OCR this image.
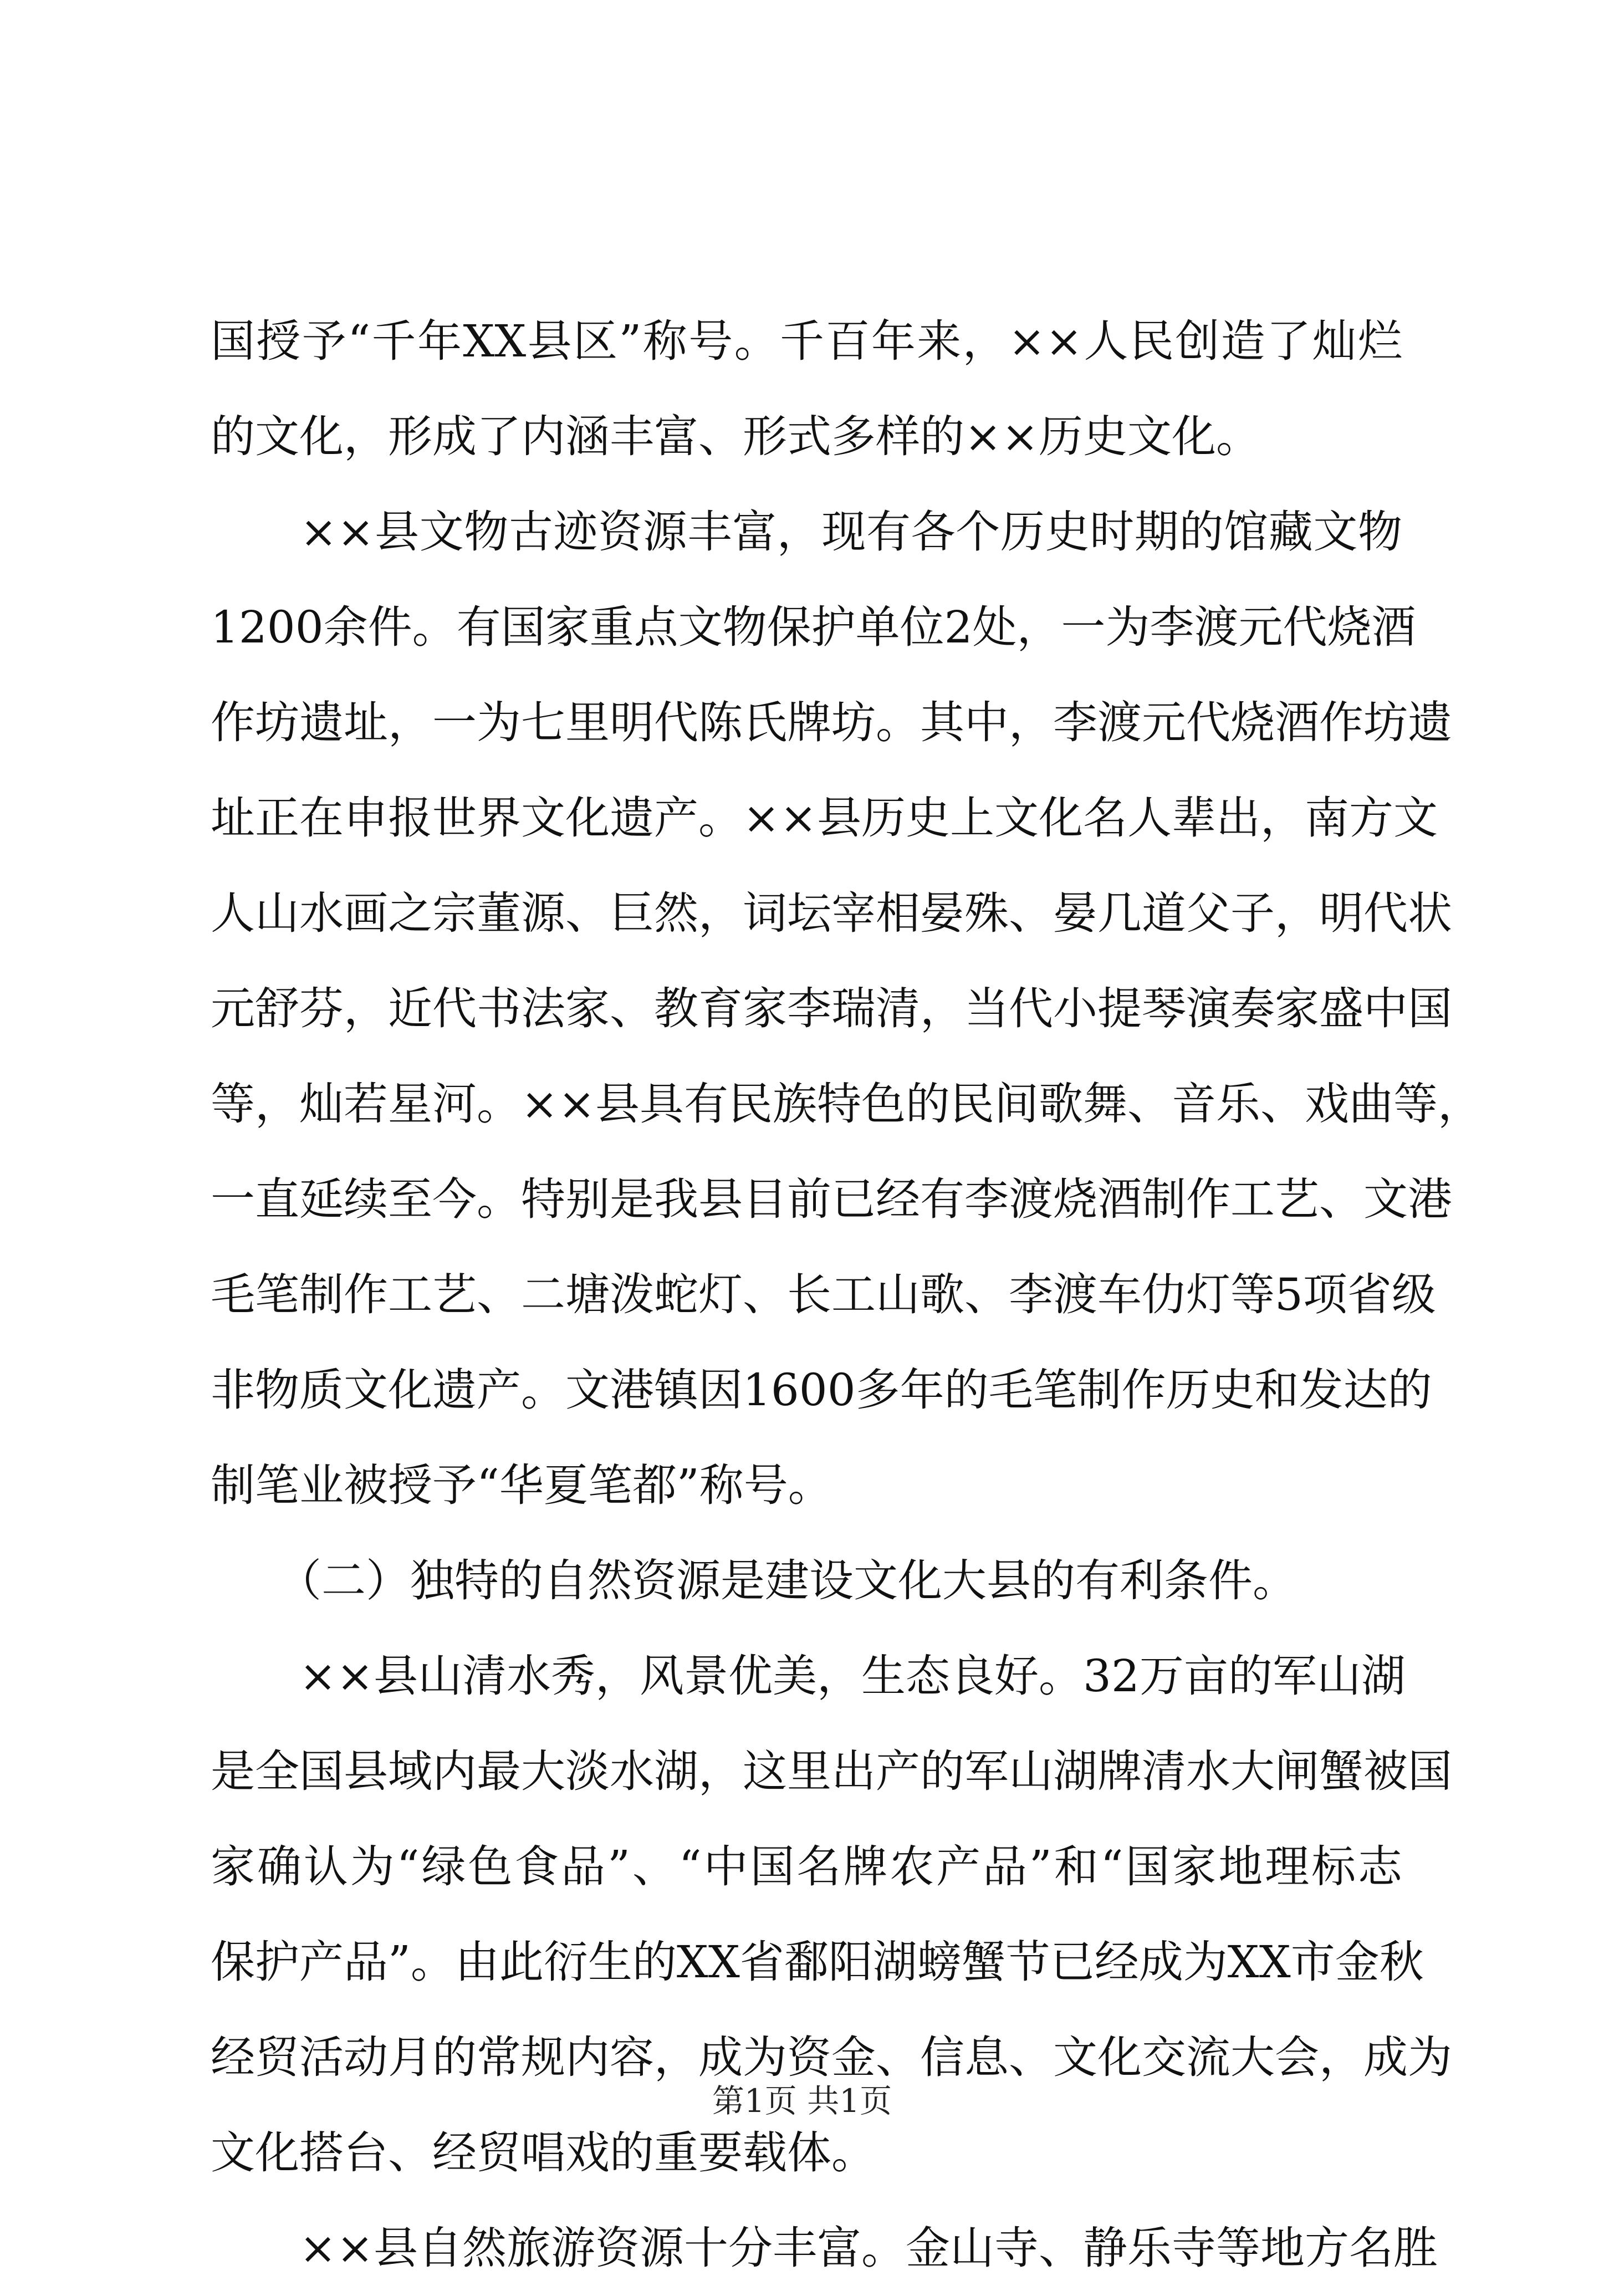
国授予“千年XX县区”称号。千百年来，××人民创造了灿烂
的文化，形成了内涵丰富、形式多样的××历史文化。
　　××县文物古迹资源丰富，现有各个历史时期的馆藏文物
1200余件。有国家重点文物保护单位2处，一为李渡元代烧酒
作坊遗址，一为七里明代陈氏牌坊。其中，李渡元代烧酒作坊遗
址正在申报世界文化遗产。××县历史上文化名人辈出，南方文
人山水画之宗董源、巨然，词坛宰相晏殊、晏几道父子，明代状
元舒芬，近代书法家、教育家李瑞清，当代小提琴演奏家盛中国
等，灿若星河。××县具有民族特色的民间歌舞、音乐、戏曲等，
一直延续至今。特别是我县目前已经有李渡烧酒制作工艺、文港
毛笔制作工艺、二塘泼蛇灯、长工山歌、李渡车仂灯等5项省级
非物质文化遗产。文港镇因1600多年的毛笔制作历史和发达的
制笔业被授予“华夏笔都”称号。
　　（二）独特的自然资源是建设文化大县的有利条件。
　　××县山清水秀，风景优美，生态良好。32万亩的军山湖
是全国县域内最大淡水湖，这里出产的军山湖牌清水大闸蟹被国
家确认为“绿色食品”、“中国名牌农产品”和“国家地理标志
保护产品”。由此衍生的XX省鄱阳湖螃蟹节已经成为XX市金秋
经贸活动月的常规内容，成为资金、信息、文化交流大会，成为
文化搭台、经贸唱戏的重要载体。
　　××县自然旅游资源十分丰富。金山寺、静乐寺等地方名胜
第1页 共1页
